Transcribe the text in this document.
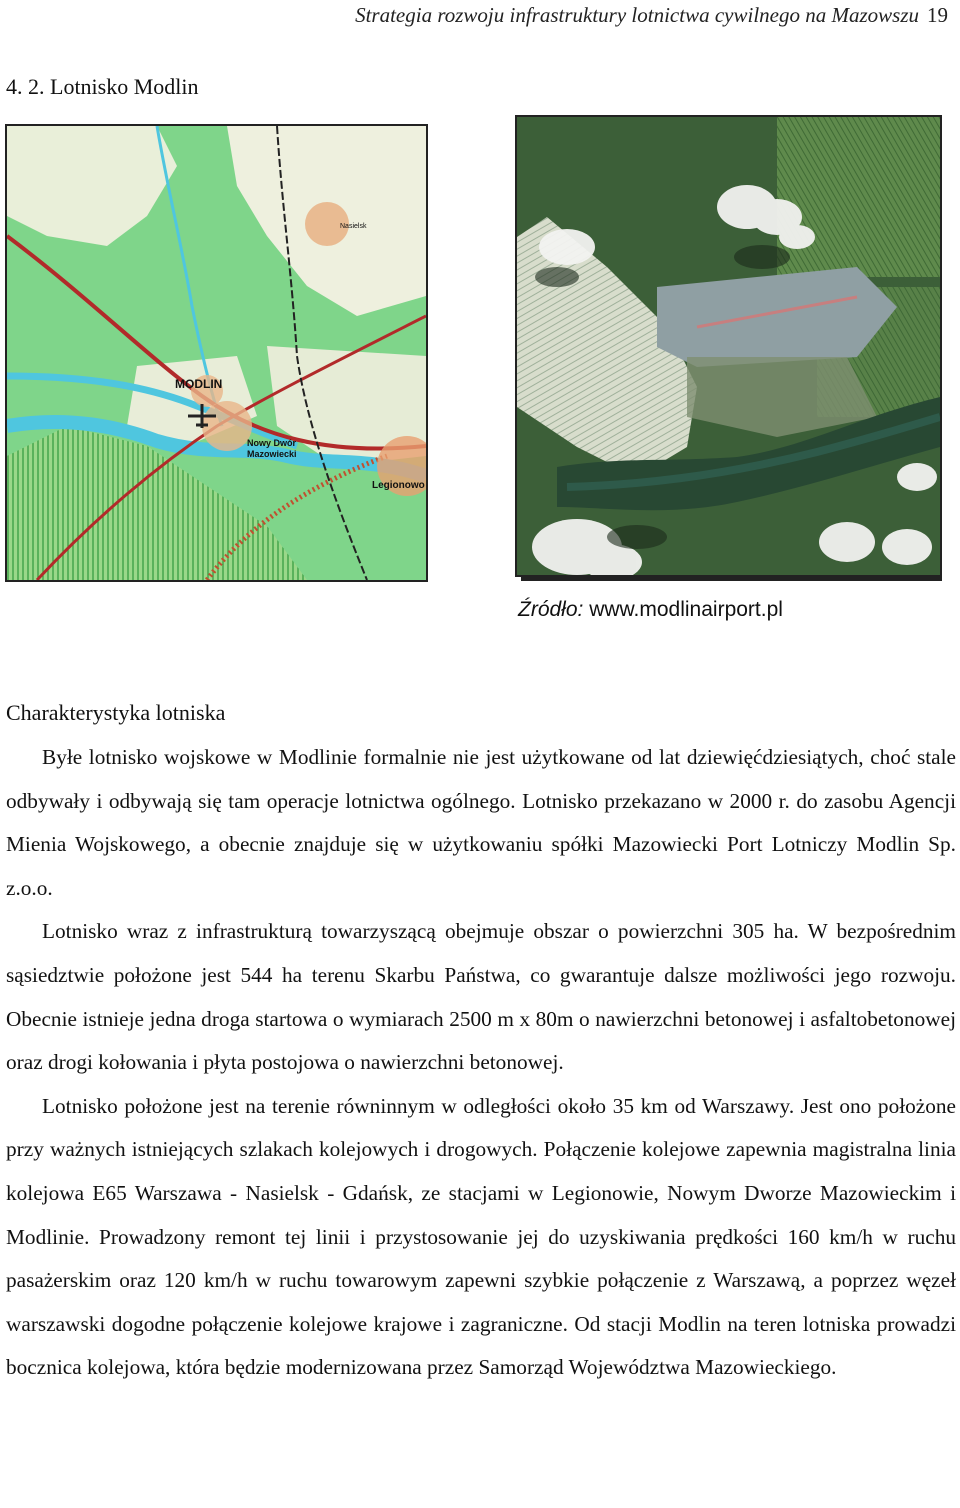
Strategia rozwoju infrastruktury lotnictwa cywilnego na Mazowszu 19
4. 2. Lotnisko Modlin
MODLIN
Nowy Dwór
Mazowiecki
Legionowo
Nasielsk
Źródło: www.modlinairport.pl
Charakterystyka lotniska

Byłe lotnisko wojskowe w Modlinie formalnie nie jest użytkowane od lat dziewięćdziesiątych, choć stale odbywały i odbywają się tam operacje lotnictwa ogólnego. Lotnisko przekazano w 2000 r. do zasobu Agencji Mienia Wojskowego, a obecnie znajduje się w użytkowaniu spółki Mazowiecki Port Lotniczy Modlin Sp. z.o.o.

Lotnisko wraz z infrastrukturą towarzyszącą obejmuje obszar o powierzchni 305 ha. W bezpośrednim sąsiedztwie położone jest 544 ha terenu Skarbu Państwa, co gwarantuje dalsze możliwości jego rozwoju. Obecnie istnieje jedna droga startowa o wymiarach 2500 m x 80m o nawierzchni betonowej i asfaltobetonowej oraz drogi kołowania i płyta postojowa o nawierzchni betonowej.

Lotnisko położone jest na terenie równinnym w odległości około 35 km od Warszawy. Jest ono położone przy ważnych istniejących szlakach kolejowych i drogowych. Połączenie kolejowe zapewnia magistralna linia kolejowa E65 Warszawa - Nasielsk - Gdańsk, ze stacjami w Legionowie, Nowym Dworze Mazowieckim i Modlinie. Prowadzony remont tej linii i przystosowanie jej do uzyskiwania prędkości 160 km/h w ruchu pasażerskim oraz 120 km/h w ruchu towarowym zapewni szybkie połączenie z Warszawą, a poprzez węzeł warszawski dogodne połączenie kolejowe krajowe i zagraniczne. Od stacji Modlin na teren lotniska prowadzi bocznica kolejowa, która będzie modernizowana przez Samorząd Województwa Mazowieckiego.
